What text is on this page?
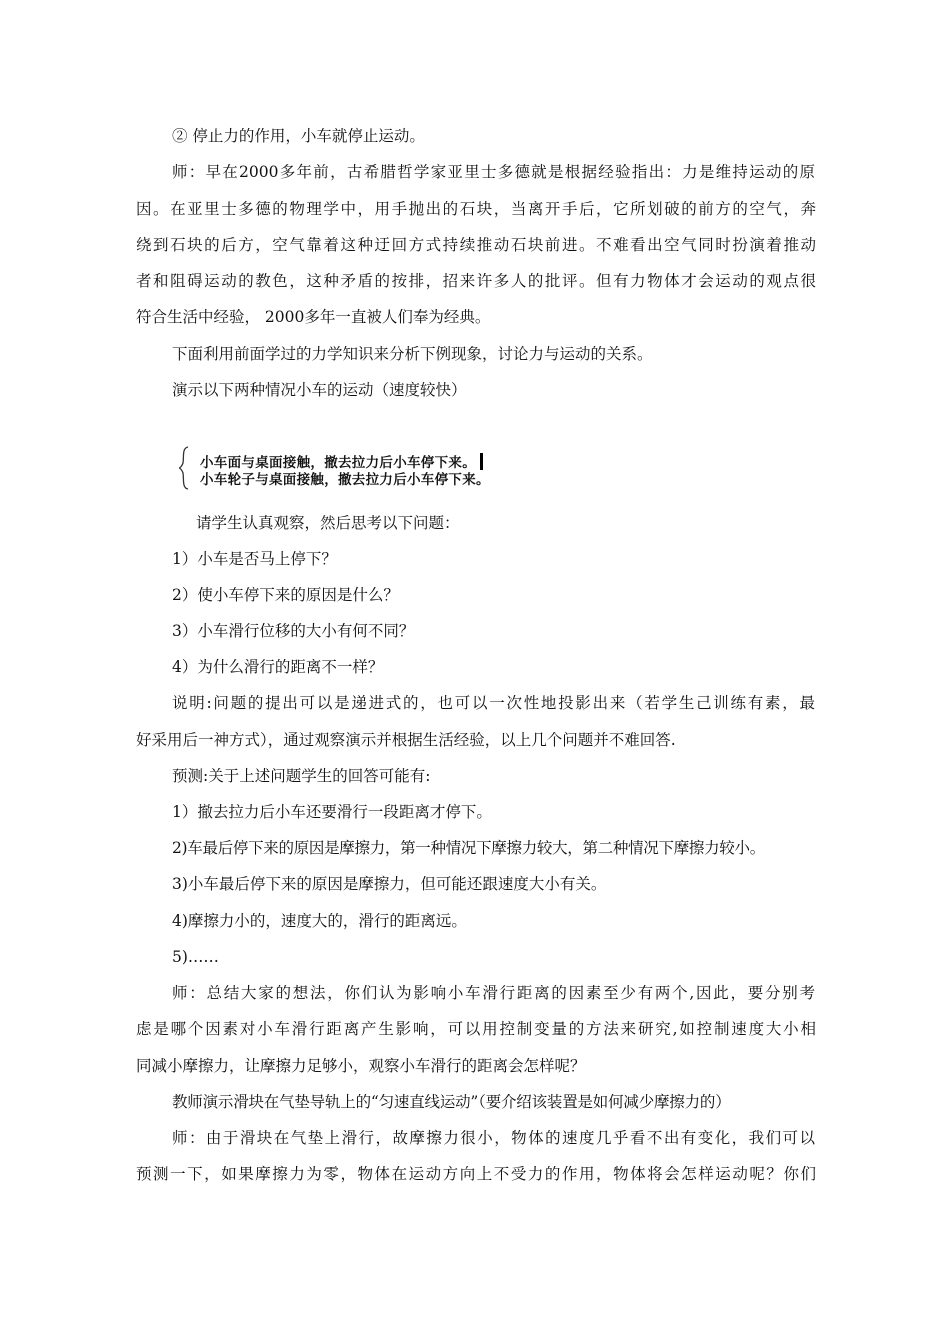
② 停止力的作用，小车就停止运动。
师：早在2000多年前，古希腊哲学家亚里士多德就是根据经验指出：力是维持运动的原
因。在亚里士多德的物理学中，用手抛出的石块，当离开手后，它所划破的前方的空气，奔
绕到石块的后方，空气靠着这种迂回方式持续推动石块前进。不难看出空气同时扮演着推动
者和阻碍运动的教色，这种矛盾的按排，招来许多人的批评。但有力物体才会运动的观点很
符合生活中经验， 2000多年一直被人们奉为经典。
下面利用前面学过的力学知识来分析下例现象，讨论力与运动的关系。
演示以下两种情况小车的运动（速度较快）
小车面与桌面接触，撤去拉力后小车停下来。
小车轮子与桌面接触，撤去拉力后小车停下来。
请学生认真观察，然后思考以下问题：
1）小车是否马上停下？
2）使小车停下来的原因是什么？
3）小车滑行位移的大小有何不同？
4）为什么滑行的距离不一样？
说明:问题的提出可以是递进式的，也可以一次性地投影出来（若学生己训练有素，最
好采用后一神方式），通过观察演示并根据生活经验，以上几个问题并不难回答.
预测:关于上述问题学生的回答可能有:
1）撤去拉力后小车还要滑行一段距离才停下。
2)车最后停下来的原因是摩擦力，第一种情况下摩擦力较大，第二种情况下摩擦力较小。
3)小车最后停下来的原因是摩擦力，但可能还跟速度大小有关。
4)摩擦力小的，速度大的，滑行的距离远。
5)……
师：总结大家的想法，你们认为影响小车滑行距离的因素至少有两个,因此，要分别考
虑是哪个因素对小车滑行距离产生影响，可以用控制变量的方法来研究,如控制速度大小相
同减小摩擦力，让摩擦力足够小，观察小车滑行的距离会怎样呢？
教师演示滑块在气垫导轨上的“匀速直线运动”（要介绍该装置是如何减少摩擦力的）
师：由于滑块在气垫上滑行，故摩擦力很小，物体的速度几乎看不出有变化，我们可以
预测一下，如果摩擦力为零，物体在运动方向上不受力的作用，物体将会怎样运动呢？你们
